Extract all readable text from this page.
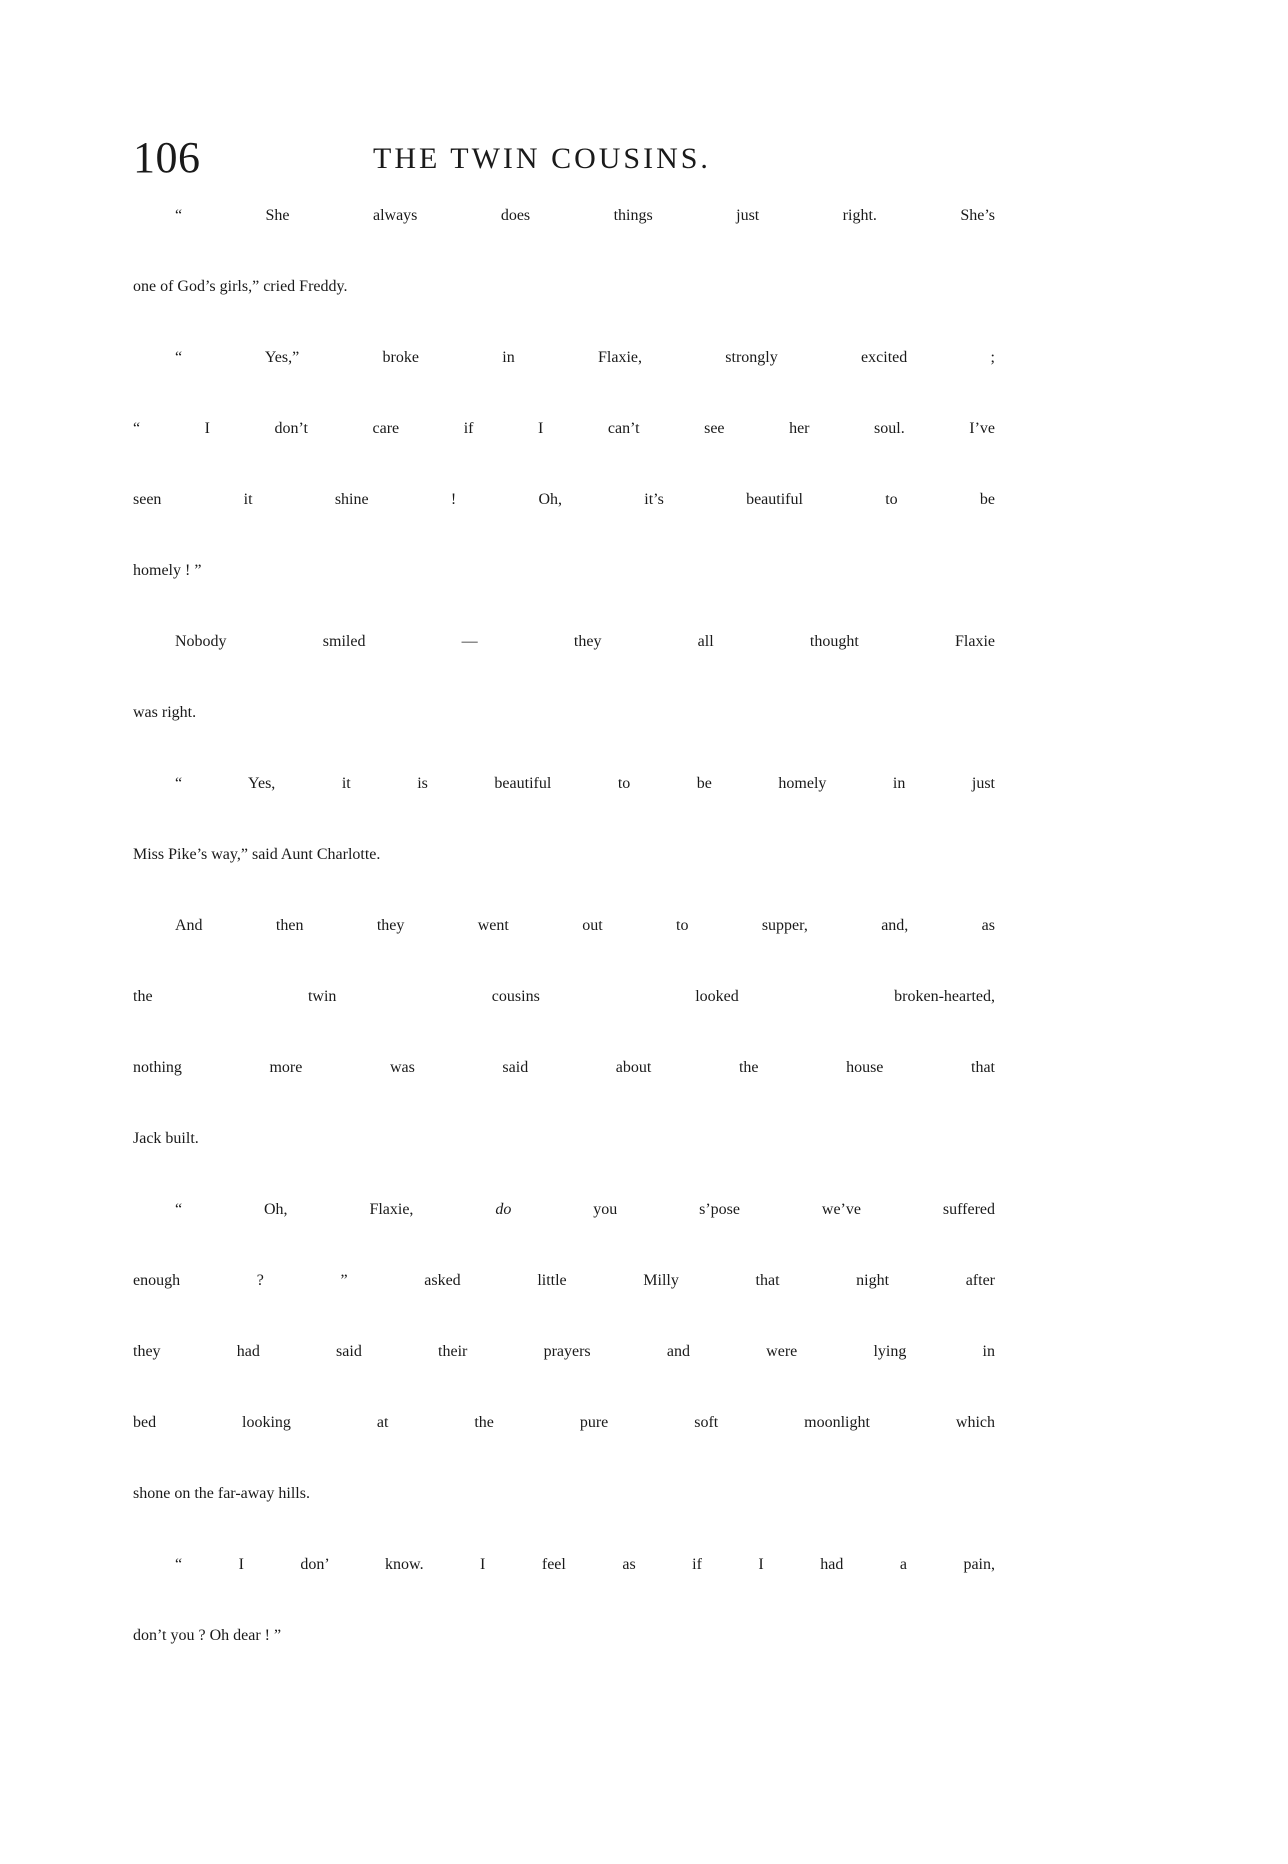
106	THE TWIN COUSINS.
“ She always does things just right. She’s
one of God’s girls,” cried Freddy.
“ Yes,” broke in Flaxie, strongly excited ;
“ I don’t care if I can’t see her soul. I’ve
seen it shine ! Oh, it’s beautiful to be
homely ! ”
Nobody smiled — they all thought Flaxie
was right.
“ Yes, it is beautiful to be homely in just
Miss Pike’s way,” said Aunt Charlotte.
And then they went out to supper, and, as
the twin cousins looked broken-hearted,
nothing more was said about the house that
Jack built.
“ Oh, Flaxie, do you s’pose we’ve suffered
enough ? ” asked little Milly that night after
they had said their prayers and were lying in
bed looking at the pure soft moonlight which
shone on the far-away hills.
“ I don’ know. I feel as if I had a pain,
don’t you ? Oh dear ! ”
